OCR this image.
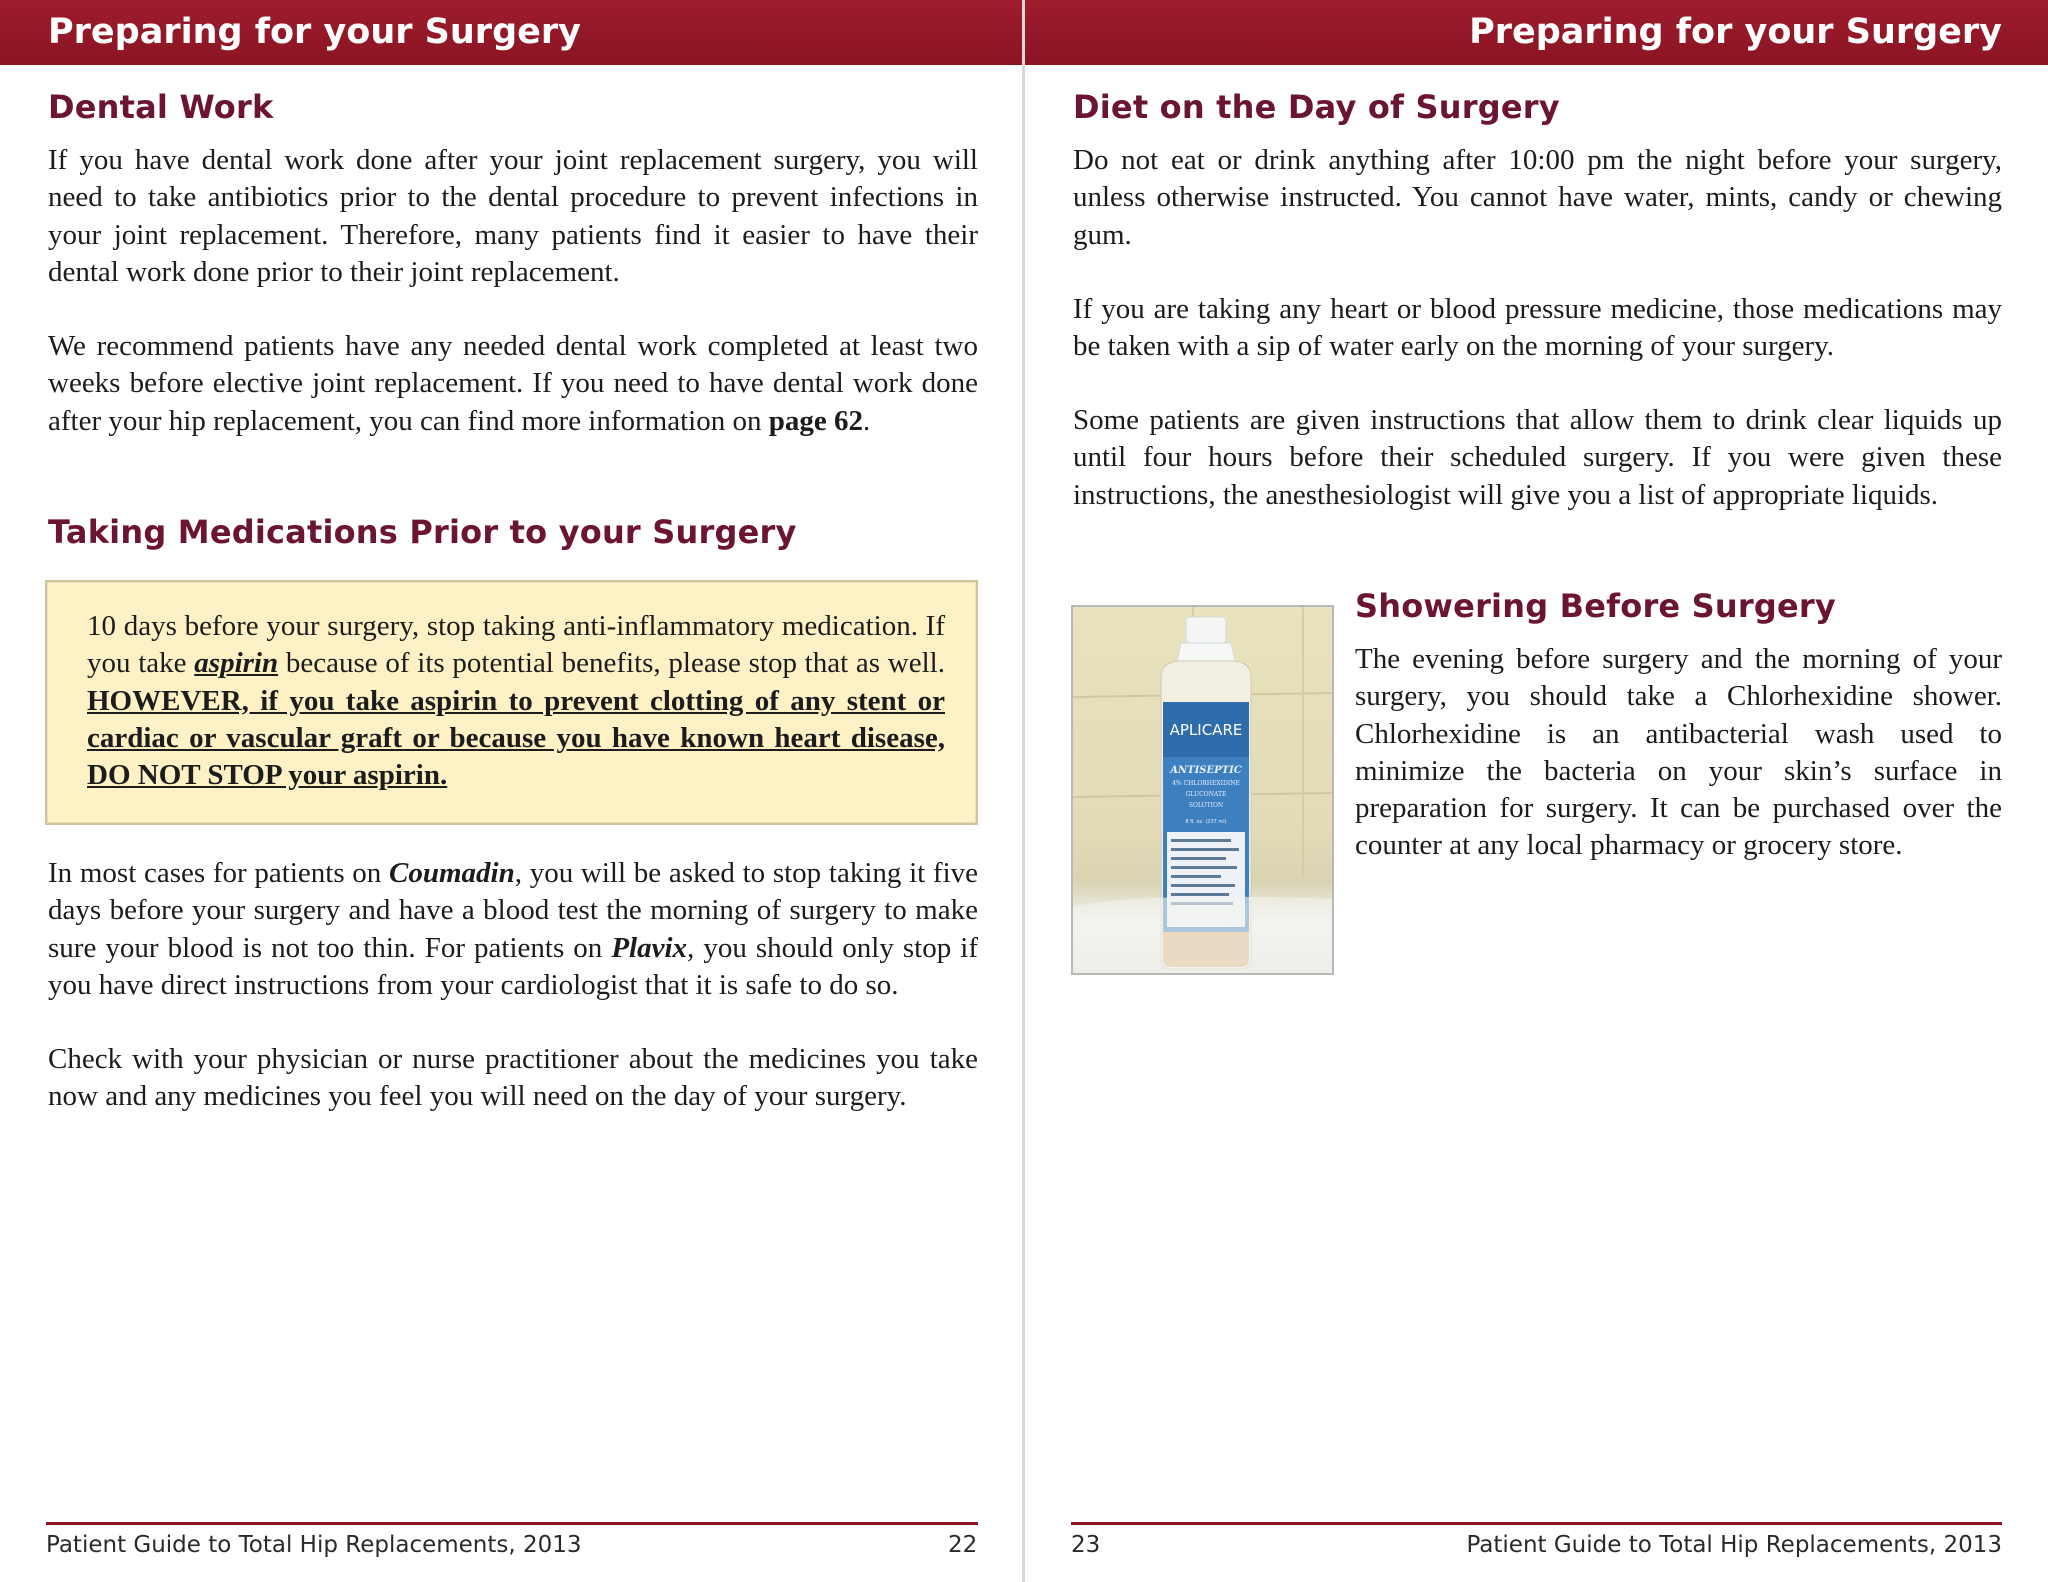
Preparing for your Surgery
Dental Work

If you have dental work done after your joint replacement surgery, you will need to take antibiotics prior to the dental procedure to prevent infections in your joint replacement. Therefore, many patients find it easier to have their dental work done prior to their joint replacement.

We recommend patients have any needed dental work completed at least two weeks before elective joint replacement. If you need to have dental work done after your hip replacement, you can find more information on page 62.

Taking Medications Prior to your Surgery

10 days before your surgery, stop taking anti-inflammatory medication. If you take aspirin because of its potential benefits, please stop that as well. HOWEVER, if you take aspirin to prevent clotting of any stent or cardiac or vascular graft or because you have known heart disease, DO NOT STOP your aspirin.

In most cases for patients on Coumadin, you will be asked to stop taking it five days before your surgery and have a blood test the morning of surgery to make sure your blood is not too thin. For patients on Plavix, you should only stop if you have direct instructions from your cardiologist that it is safe to do so.

Check with your physician or nurse practitioner about the medicines you take now and any medicines you feel you will need on the day of your surgery.

Patient Guide to Total Hip Replacements, 2013	22
Preparing for your Surgery
Diet on the Day of Surgery

Do not eat or drink anything after 10:00 pm the night before your surgery, unless otherwise instructed. You cannot have water, mints, candy or chewing gum.

If you are taking any heart or blood pressure medicine, those medications may be taken with a sip of water early on the morning of your surgery.

Some patients are given instructions that allow them to drink clear liquids up until four hours before their scheduled surgery. If you were given these instructions, the anesthesiologist will give you a list of appropriate liquids.

APLICARE
ANTISEPTIC
4% CHLORHEXIDINE
GLUCONATE
SOLUTION
8 fl. oz. (237 ml)
Showering Before Surgery

The evening before surgery and the morning of your surgery, you should take a Chlorhexidine shower. Chlorhexidine is an antibacterial wash used to minimize the bacteria on your skin’s surface in preparation for surgery. It can be purchased over the counter at any local pharmacy or grocery store.

23	Patient Guide to Total Hip Replacements, 2013
